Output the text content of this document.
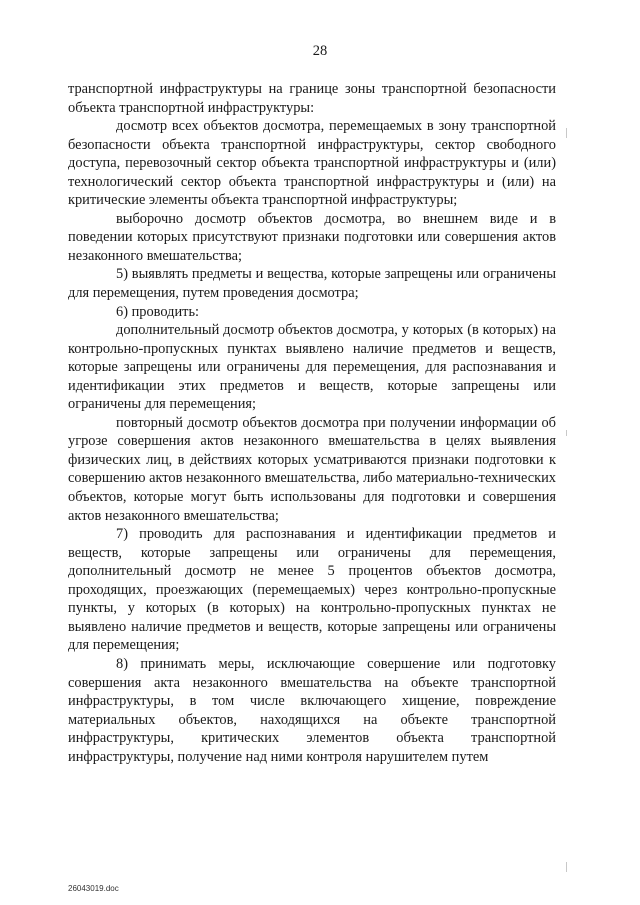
28

транспортной инфраструктуры на границе зоны транспортной безопасности объекта транспортной инфраструктуры:

досмотр всех объектов досмотра, перемещаемых в зону транспортной безопасности объекта транспортной инфраструктуры, сектор свободного доступа, перевозочный сектор объекта транспортной инфраструктуры и (или) технологический сектор объекта транспортной инфраструктуры и (или) на критические элементы объекта транспортной инфраструктуры;

выборочно досмотр объектов досмотра, во внешнем виде и в поведении которых присутствуют признаки подготовки или совершения актов незаконного вмешательства;

5) выявлять предметы и вещества, которые запрещены или ограничены для перемещения, путем проведения досмотра;

6) проводить:

дополнительный досмотр объектов досмотра, у которых (в которых) на контрольно-пропускных пунктах выявлено наличие предметов и веществ, которые запрещены или ограничены для перемещения, для распознавания и идентификации этих предметов и веществ, которые запрещены или ограничены для перемещения;

повторный досмотр объектов досмотра при получении информации об угрозе совершения актов незаконного вмешательства в целях выявления физических лиц, в действиях которых усматриваются признаки подготовки к совершению актов незаконного вмешательства, либо материально-технических объектов, которые могут быть использованы для подготовки и совершения актов незаконного вмешательства;

7) проводить для распознавания и идентификации предметов и веществ, которые запрещены или ограничены для перемещения, дополнительный досмотр не менее 5 процентов объектов досмотра, проходящих, проезжающих (перемещаемых) через контрольно-пропускные пункты, у которых (в которых) на контрольно-пропускных пунктах не выявлено наличие предметов и веществ, которые запрещены или ограничены для перемещения;

8) принимать меры, исключающие совершение или подготовку совершения акта незаконного вмешательства на объекте транспортной инфраструктуры, в том числе включающего хищение, повреждение материальных объектов, находящихся на объекте транспортной инфраструктуры, критических элементов объекта транспортной инфраструктуры, получение над ними контроля нарушителем путем

26043019.doc
